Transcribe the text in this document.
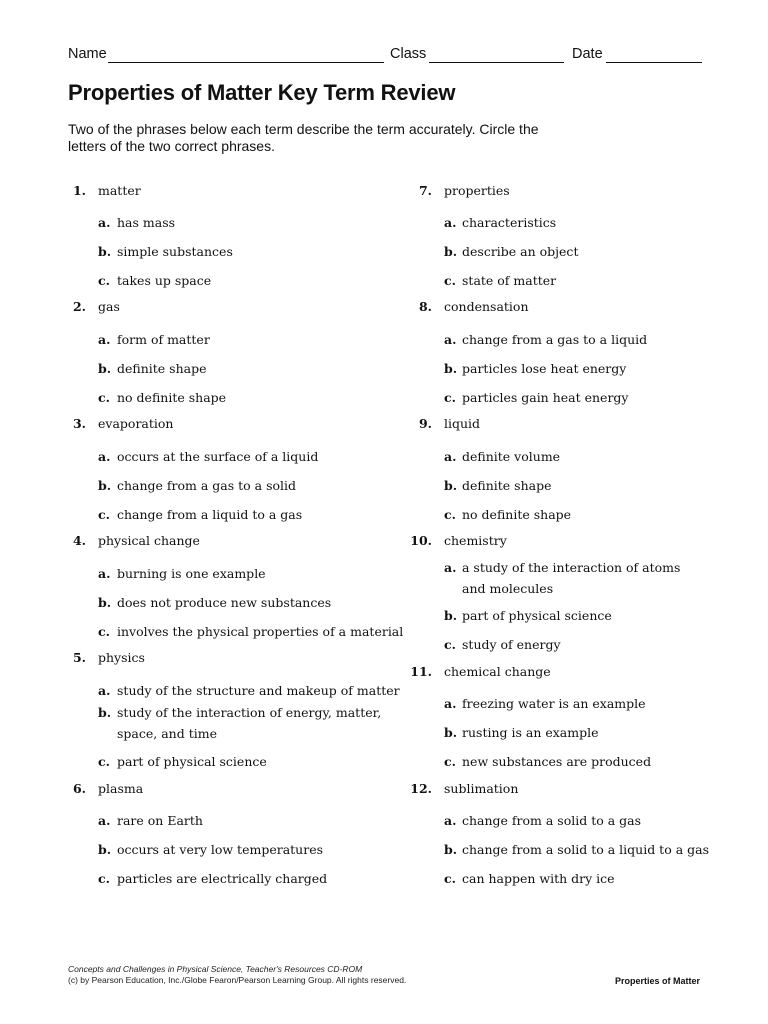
Name	Class	Date
Properties of Matter Key Term Review

Two of the phrases below each term describe the term accurately. Circle the letters of the two correct phrases.

1. matter
a. has mass
b. simple substances
c. takes up space
2. gas
a. form of matter
b. definite shape
c. no definite shape
3. evaporation
a. occurs at the surface of a liquid
b. change from a gas to a solid
c. change from a liquid to a gas
4. physical change
a. burning is one example
b. does not produce new substances
c. involves the physical properties of a material
5. physics
a. study of the structure and makeup of matter
b. study of the interaction of energy, matter, space, and time
c. part of physical science
6. plasma
a. rare on Earth
b. occurs at very low temperatures
c. particles are electrically charged
7. properties
a. characteristics
b. describe an object
c. state of matter
8. condensation
a. change from a gas to a liquid
b. particles lose heat energy
c. particles gain heat energy
9. liquid
a. definite volume
b. definite shape
c. no definite shape
10. chemistry
a. a study of the interaction of atoms and molecules
b. part of physical science
c. study of energy
11. chemical change
a. freezing water is an example
b. rusting is an example
c. new substances are produced
12. sublimation
a. change from a solid to a gas
b. change from a solid to a liquid to a gas
c. can happen with dry ice
Concepts and Challenges in Physical Science, Teacher's Resources CD-ROM
(c) by Pearson Education, Inc./Globe Fearon/Pearson Learning Group. All rights reserved.	Properties of Matter
